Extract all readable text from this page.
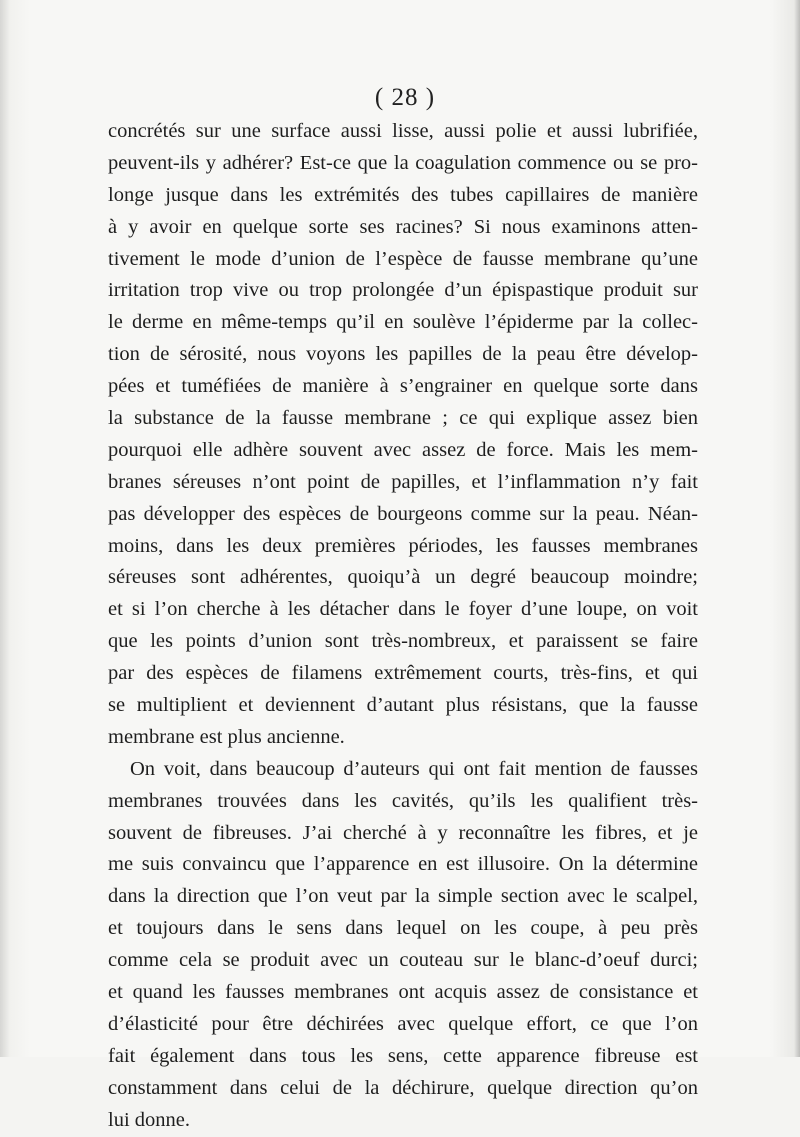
( 28 )
concrétés sur une surface aussi lisse, aussi polie et aussi lubrifiée,
peuvent-ils y adhérer? Est-ce que la coagulation commence ou se pro-
longe jusque dans les extrémités des tubes capillaires de manière
à y avoir en quelque sorte ses racines? Si nous examinons atten-
tivement le mode d’union de l’espèce de fausse membrane qu’une
irritation trop vive ou trop prolongée d’un épispastique produit sur
le derme en même-temps qu’il en soulève l’épiderme par la collec-
tion de sérosité, nous voyons les papilles de la peau être dévelop-
pées et tuméfiées de manière à s’engrainer en quelque sorte dans
la substance de la fausse membrane ; ce qui explique assez bien
pourquoi elle adhère souvent avec assez de force. Mais les mem-
branes séreuses n’ont point de papilles, et l’inflammation n’y fait
pas développer des espèces de bourgeons comme sur la peau. Néan-
moins, dans les deux premières périodes, les fausses membranes
séreuses sont adhérentes, quoiqu’à un degré beaucoup moindre;
et si l’on cherche à les détacher dans le foyer d’une loupe, on voit
que les points d’union sont très-nombreux, et paraissent se faire
par des espèces de filamens extrêmement courts, très-fins, et qui
se multiplient et deviennent d’autant plus résistans, que la fausse
membrane est plus ancienne.
On voit, dans beaucoup d’auteurs qui ont fait mention de fausses
membranes trouvées dans les cavités, qu’ils les qualifient très-
souvent de fibreuses. J’ai cherché à y reconnaître les fibres, et je
me suis convaincu que l’apparence en est illusoire. On la détermine
dans la direction que l’on veut par la simple section avec le scalpel,
et toujours dans le sens dans lequel on les coupe, à peu près
comme cela se produit avec un couteau sur le blanc-d’oeuf durci;
et quand les fausses membranes ont acquis assez de consistance et
d’élasticité pour être déchirées avec quelque effort, ce que l’on
fait également dans tous les sens, cette apparence fibreuse est
constamment dans celui de la déchirure, quelque direction qu’on
lui donne.
